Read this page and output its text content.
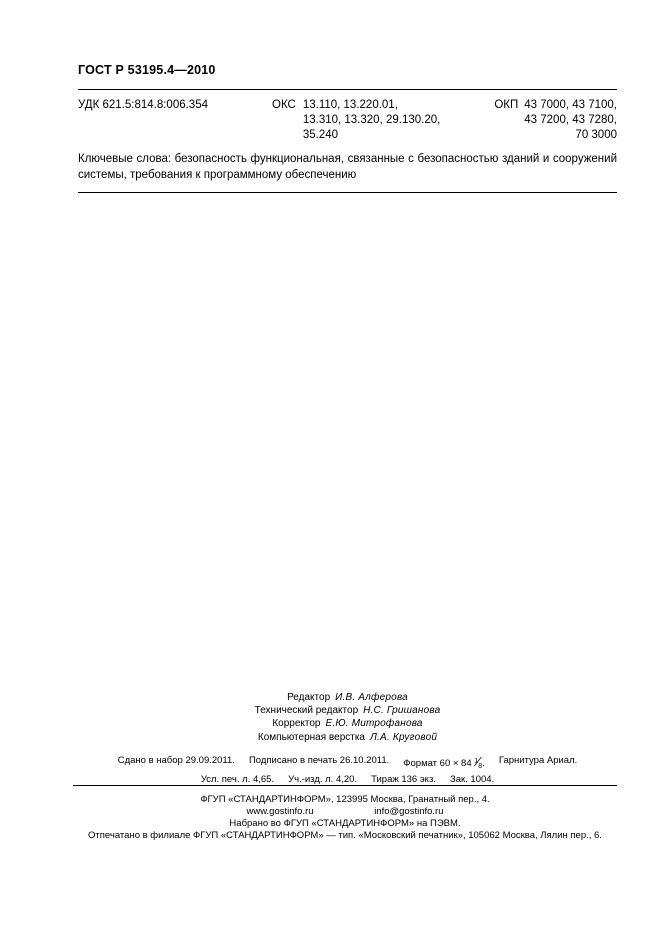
ГОСТ Р 53195.4—2010
УДК 621.5:814.8:006.354	ОКС 13.110, 13.220.01,
13.310, 13.320, 29.130.20,
35.240
ОКП 43 7000, 43 7100,
43 7200, 43 7280,
70 3000
Ключевые слова: безопасность функциональная, связанные с безопасностью зданий и сооружений
системы, требования к программному обеспечению
Редактор И.В. Алферова
Технический редактор Н.С. Гришанова
Корректор Е.Ю. Митрофанова
Компьютерная верстка Л.А. Круговой
Сдано в набор 29.09.2011. Подписано в печать 26.10.2011. Формат 60 × 84 $^1⁄_8$. Гарнитура Ариал.
Усл. печ. л. 4,65. Уч.-изд. л. 4,20. Тираж 136 экз. Зак. 1004.
ФГУП «СТАНДАРТИНФОРМ», 123995 Москва, Гранатный пер., 4.
www.gostinfo.ru	info@gostinfo.ru
Набрано во ФГУП «СТАНДАРТИНФОРМ» на ПЭВМ.
Отпечатано в филиале ФГУП «СТАНДАРТИНФОРМ» — тип. «Московский печатник», 105062 Москва, Лялин пер., 6.
